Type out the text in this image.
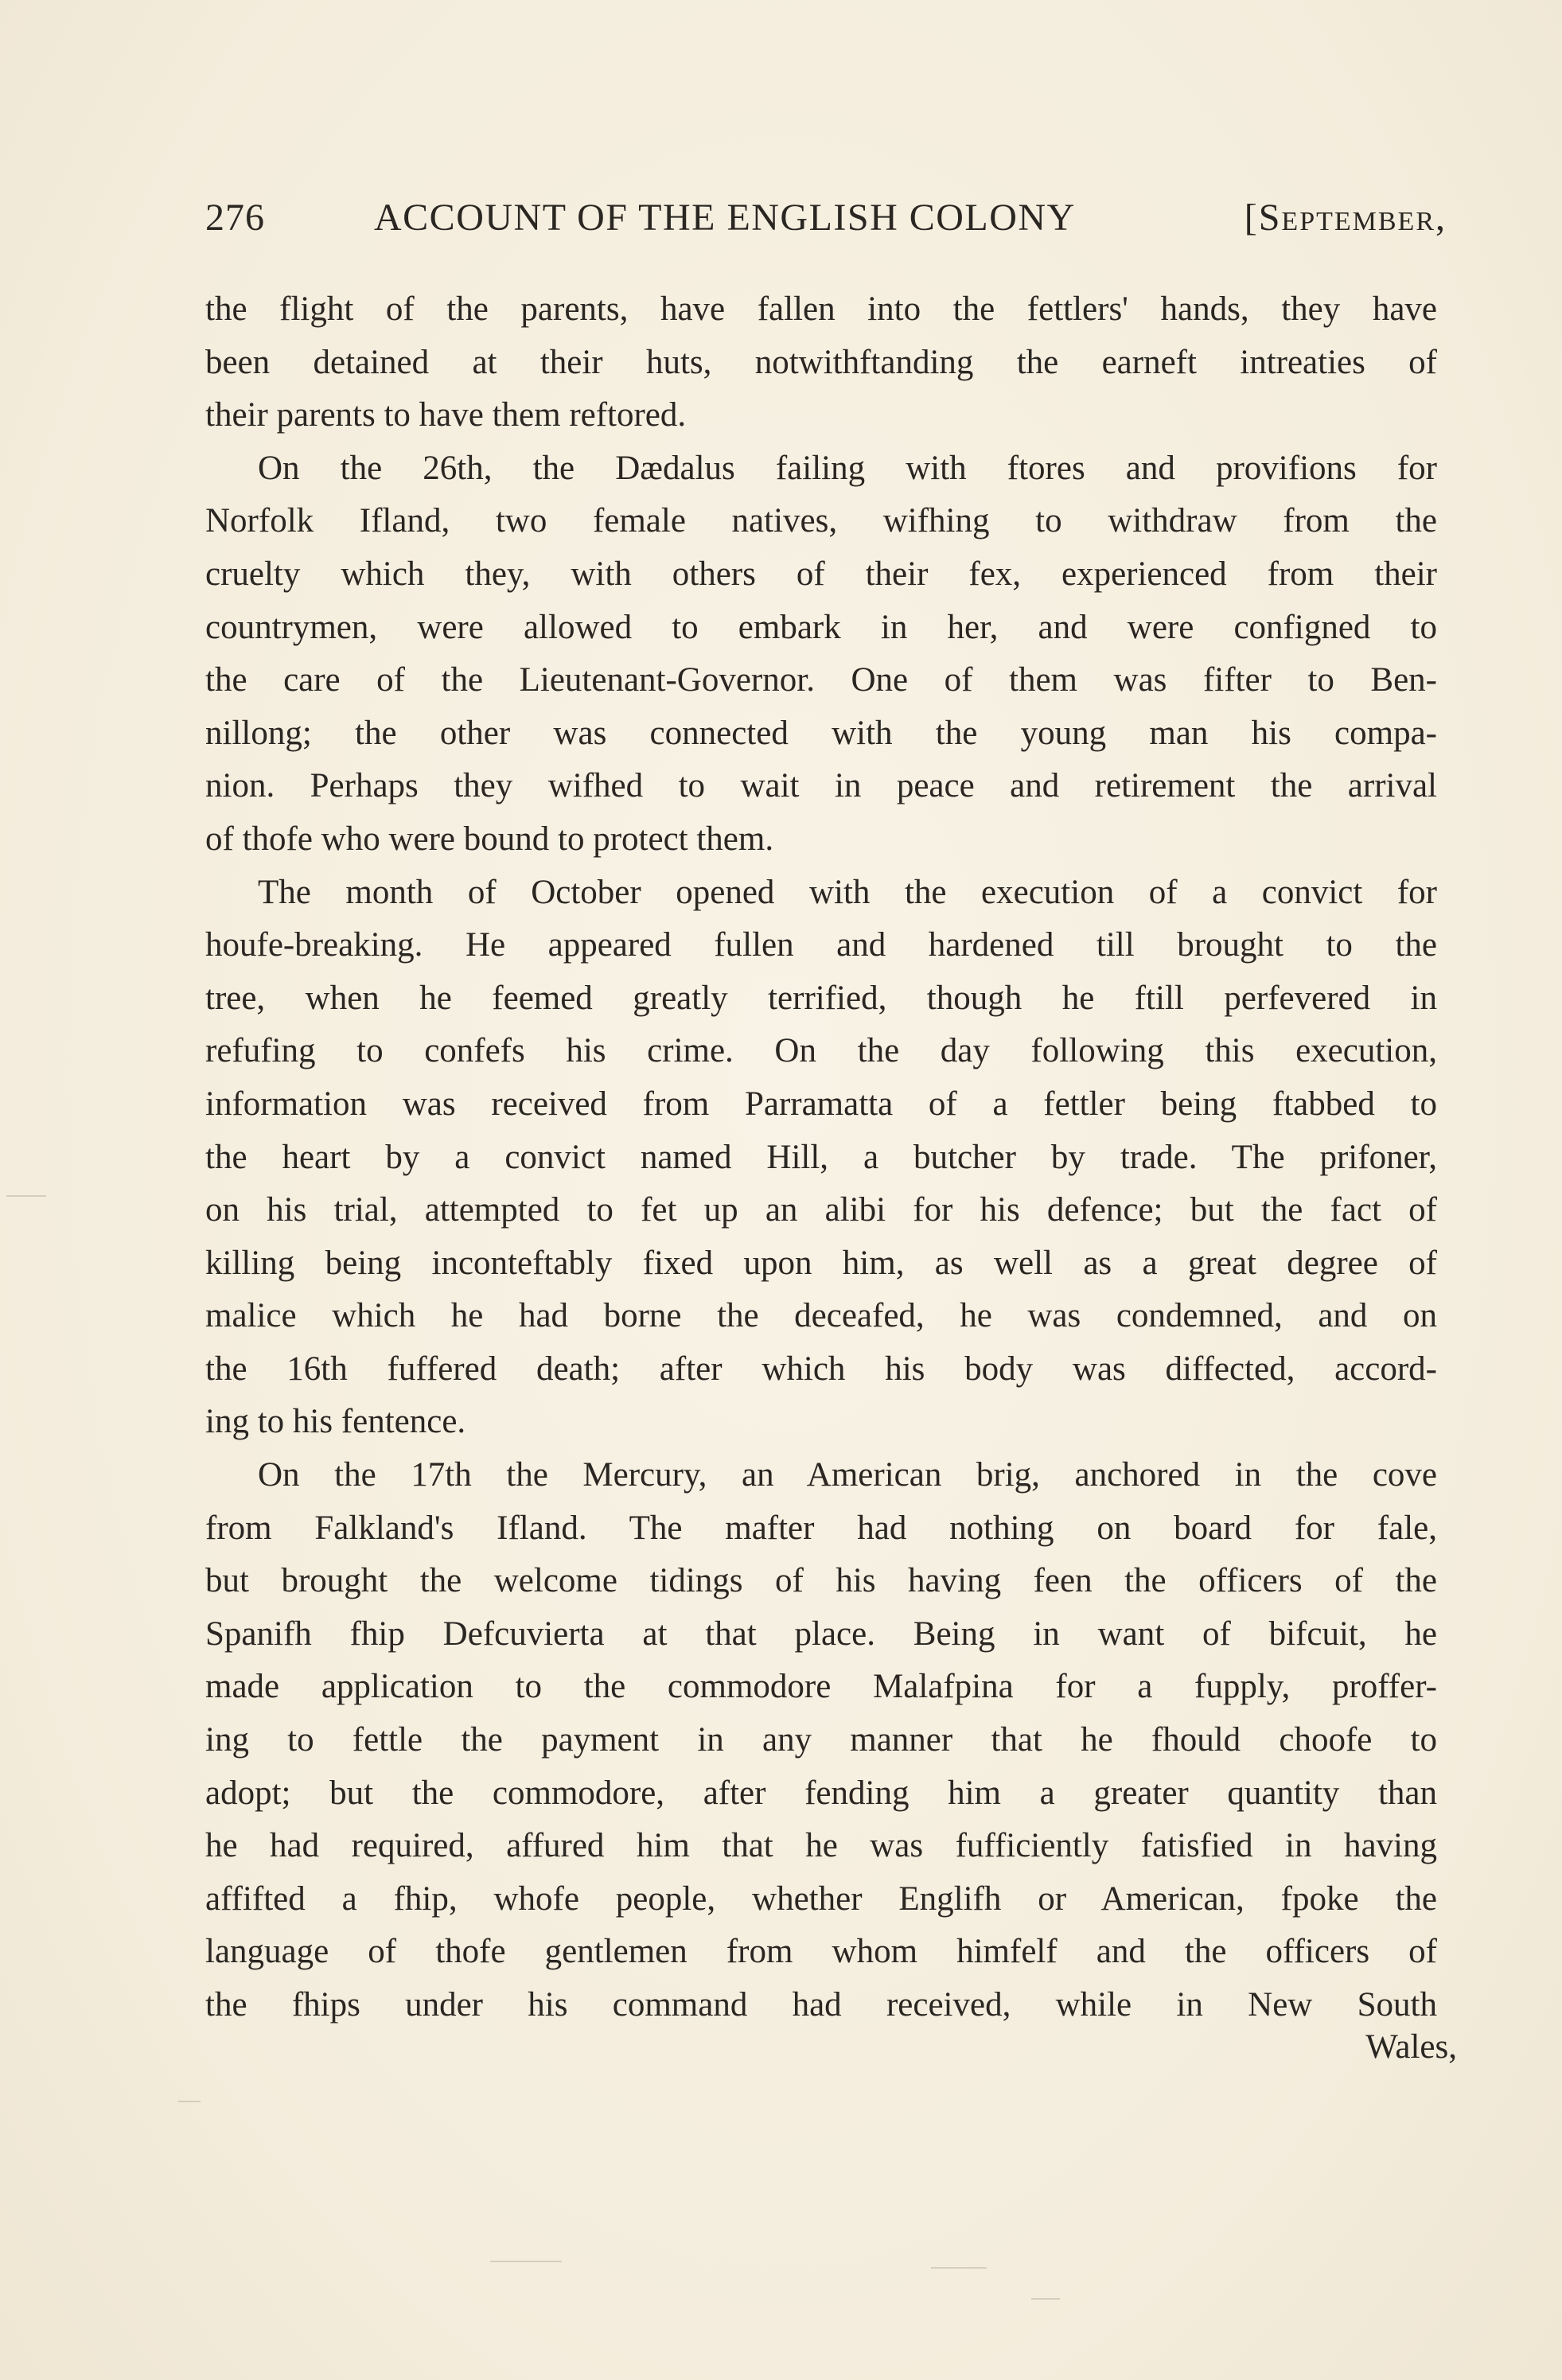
276	ACCOUNT OF THE ENGLISH COLONY	[September,
the flight of the parents, have fallen into the fettlers' hands, they have
been detained at their huts, notwithftanding the earneft intreaties of
their parents to have them reftored.
On the 26th, the Dædalus failing with ftores and provifions for
Norfolk Ifland, two female natives, wifhing to withdraw from the
cruelty which they, with others of their fex, experienced from their
countrymen, were allowed to embark in her, and were configned to
the care of the Lieutenant-Governor. One of them was fifter to Ben-
nillong; the other was connected with the young man his compa-
nion. Perhaps they wifhed to wait in peace and retirement the arrival
of thofe who were bound to protect them.
The month of October opened with the execution of a convict for
houfe-breaking. He appeared fullen and hardened till brought to the
tree, when he feemed greatly terrified, though he ftill perfevered in
refufing to confefs his crime. On the day following this execution,
information was received from Parramatta of a fettler being ftabbed to
the heart by a convict named Hill, a butcher by trade. The prifoner,
on his trial, attempted to fet up an alibi for his defence; but the fact of
killing being inconteftably fixed upon him, as well as a great degree of
malice which he had borne the deceafed, he was condemned, and on
the 16th fuffered death; after which his body was diffected, accord-
ing to his fentence.
On the 17th the Mercury, an American brig, anchored in the cove
from Falkland's Ifland. The mafter had nothing on board for fale,
but brought the welcome tidings of his having feen the officers of the
Spanifh fhip Defcuvierta at that place. Being in want of bifcuit, he
made application to the commodore Malafpina for a fupply, proffer-
ing to fettle the payment in any manner that he fhould choofe to
adopt; but the commodore, after fending him a greater quantity than
he had required, affured him that he was fufficiently fatisfied in having
affifted a fhip, whofe people, whether Englifh or American, fpoke the
language of thofe gentlemen from whom himfelf and the officers of
the fhips under his command had received, while in New South
Wales,
